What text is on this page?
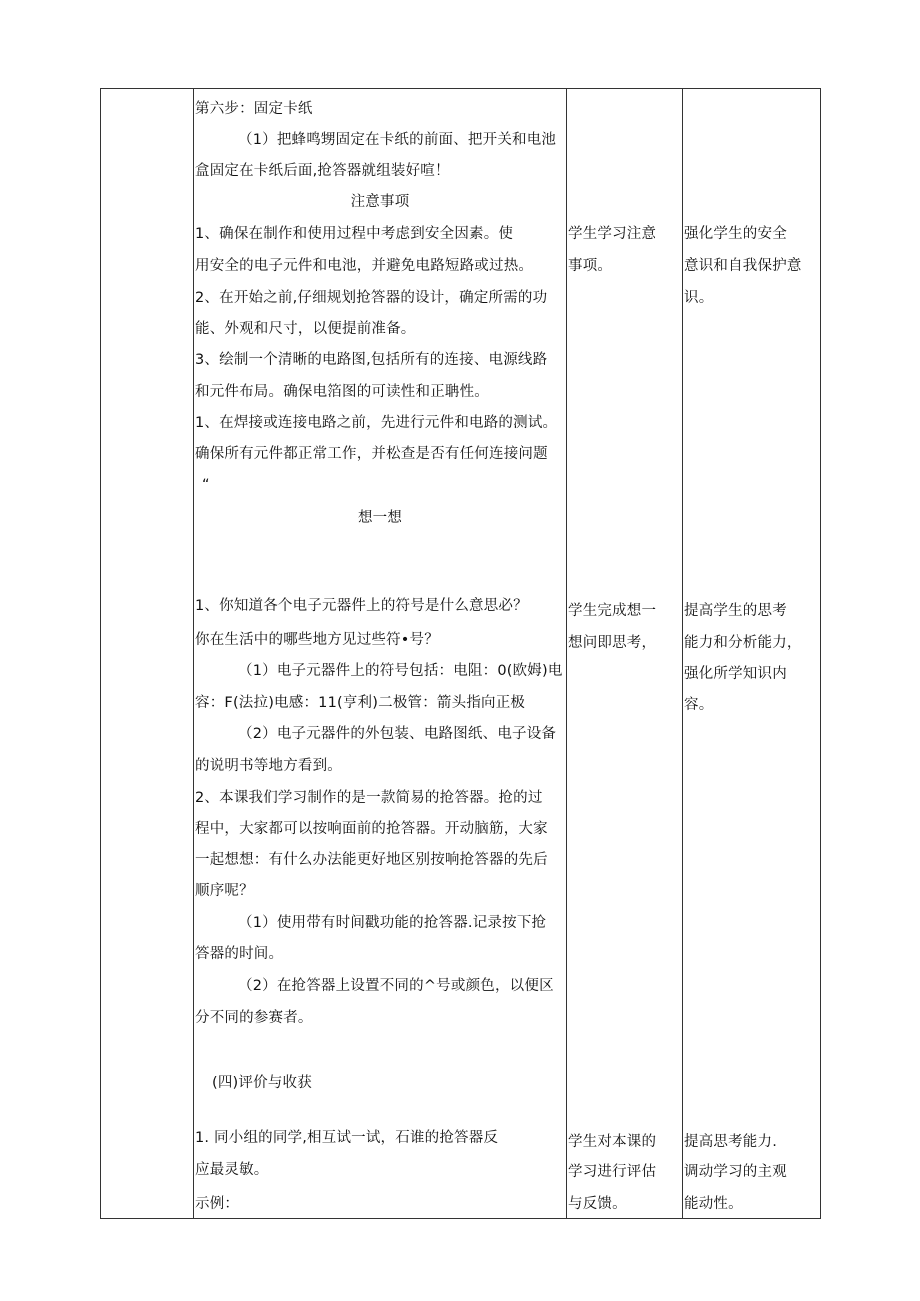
第六步：固定卡纸
（1）把蜂鸣甥固定在卡纸的前面、把开关和电池
盒固定在卡纸后面,抢答器就组装好喧！
注意事项
1、确保在制作和使用过程中考虑到安全因素。使
用安全的电子元件和电池，并避免电路短路或过热。
2、在开始之前,仔细规划抢答器的设计，确定所需的功
能、外观和尺寸，以便提前准备。
3、绘制一个清晰的电路图,包括所有的连接、电源线路
和元件布局。确保电箔图的可读性和正聃性。
1、在焊接或连接电路之前，先进行元件和电路的测试。
确保所有元件都正常工作，并松查是否有任何连接问题
“
想一想
1、你知道各个电子元器件上的符号是什么意思必？
你在生活中的哪些地方见过些符•号？
（1）电子元器件上的符号包括：电阻：0(欧姆)电
容：F(法拉)电感：11(亨利)二极管：箭头指向正极
（2）电子元器件的外包装、电路图纸、电子设备
的说明书等地方看到。
2、本课我们学习制作的是一款简易的抢答器。抢的过
程中，大家都可以按响面前的抢答器。开动脑筋，大家
一起想想：有什么办法能更好地区别按响抢答器的先后
顺序呢？
（1）使用带有时间戳功能的抢答器.记录按下抢
答器的时间。
（2）在抢答器上设置不同的^号或颜色，以便区
分不同的参赛者。
(四)评价与收获
1. 同小组的同学,相互试一试，石谁的抢答器反
应最灵敏。
示例：
学生学习注意
事项。
学生完成想一
想问即思考，
学生对本课的
学习进行评估
与反馈。
强化学生的安全
意识和自我保护意
识。
提高学生的思考
能力和分析能力，
强化所学知识内
容。
提高思考能力.
调动学习的主观
能动性。
